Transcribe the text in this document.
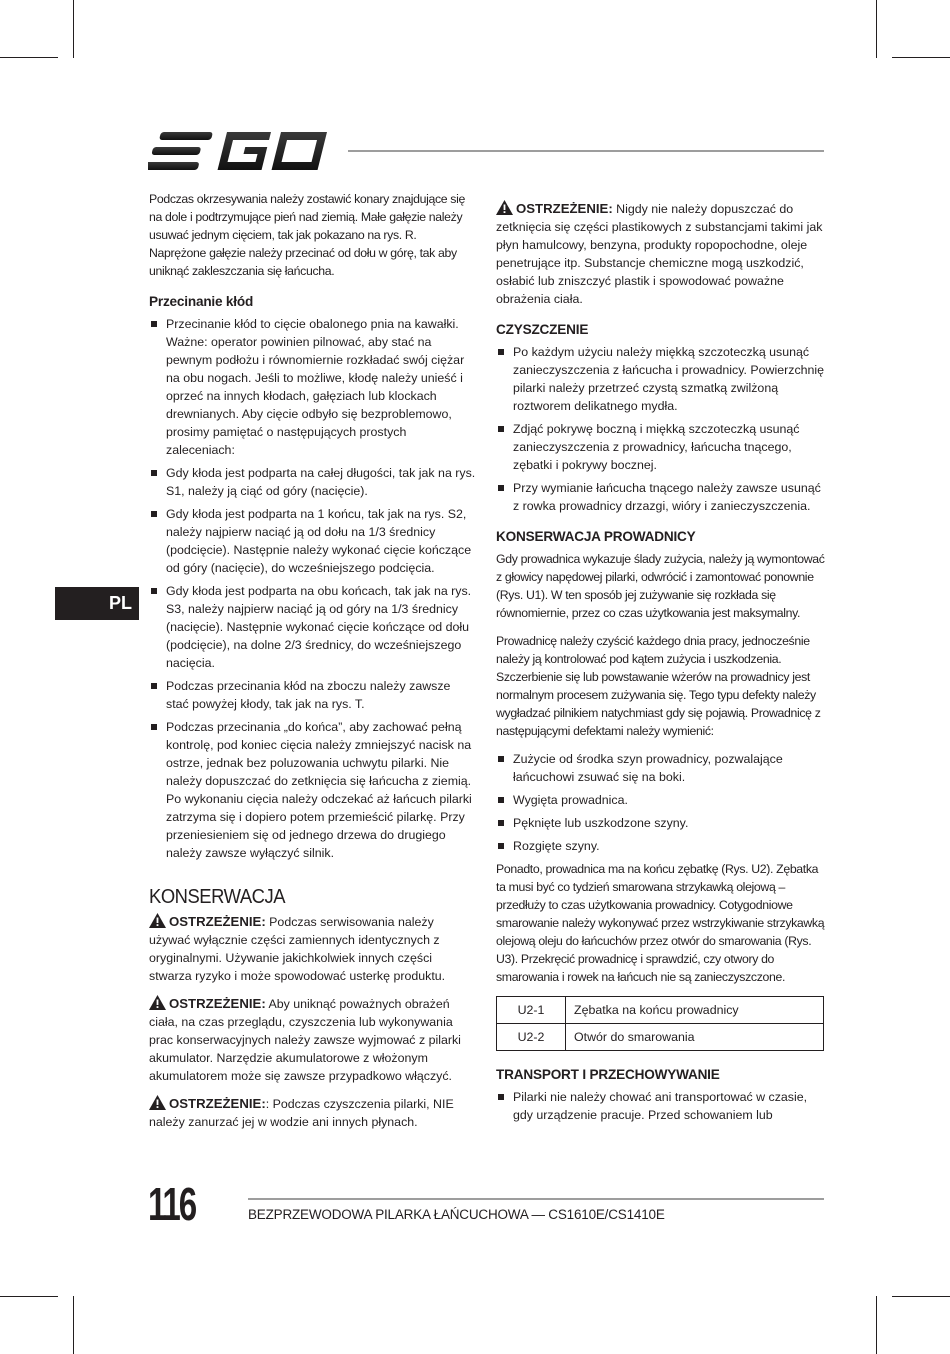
Podczas okrzesywania należy zostawić konary znajdujące się na dole i podtrzymujące pień nad ziemią. Małe gałęzie należy usuwać jednym cięciem, tak jak pokazano na rys. R. Naprężone gałęzie należy przecinać od dołu w górę, tak aby uniknąć zakleszczania się łańcucha.

Przecinanie kłód
Przecinanie kłód to cięcie obalonego pnia na kawałki. Ważne: operator powinien pilnować, aby stać na pewnym podłożu i równomiernie rozkładać swój ciężar na obu nogach. Jeśli to możliwe, kłodę należy unieść i oprzeć na innych kłodach, gałęziach lub klockach drewnianych. Aby cięcie odbyło się bezproblemowo, prosimy pamiętać o następujących prostych zaleceniach:
Gdy kłoda jest podparta na całej długości, tak jak na rys. S1, należy ją ciąć od góry (nacięcie).
Gdy kłoda jest podparta na 1 końcu, tak jak na rys. S2, należy najpierw naciąć ją od dołu na 1/3 średnicy (podcięcie). Następnie należy wykonać cięcie kończące od góry (nacięcie), do wcześniejszego podcięcia.
Gdy kłoda jest podparta na obu końcach, tak jak na rys. S3, należy najpierw naciąć ją od góry na 1/3 średnicy (nacięcie). Następnie wykonać cięcie kończące od dołu (podcięcie), na dolne 2/3 średnicy, do wcześniejszego nacięcia.
Podczas przecinania kłód na zboczu należy zawsze stać powyżej kłody, tak jak na rys. T.
Podczas przecinania „do końca”, aby zachować pełną kontrolę, pod koniec cięcia należy zmniejszyć nacisk na ostrze, jednak bez poluzowania uchwytu pilarki. Nie należy dopuszczać do zetknięcia się łańcucha z ziemią. Po wykonaniu cięcia należy odczekać aż łańcuch pilarki zatrzyma się i dopiero potem przemieścić pilarkę. Przy przeniesieniem się od jednego drzewa do drugiego należy zawsze wyłączyć silnik.
KONSERWACJA

OSTRZEŻENIE: Podczas serwisowania należy używać wyłącznie części zamiennych identycznych z oryginalnymi. Używanie jakichkolwiek innych części stwarza ryzyko i może spowodować usterkę produktu.

OSTRZEŻENIE: Aby uniknąć poważnych obrażeń ciała, na czas przeglądu, czyszczenia lub wykonywania prac konserwacyjnych należy zawsze wyjmować z pilarki akumulator. Narzędzie akumulatorowe z włożonym akumulatorem może się zawsze przypadkowo włączyć.

OSTRZEŻENIE:: Podczas czyszczenia pilarki, NIE należy zanurzać jej w wodzie ani innych płynach.

OSTRZEŻENIE: Nigdy nie należy dopuszczać do zetknięcia się części plastikowych z substancjami takimi jak płyn hamulcowy, benzyna, produkty ropopochodne, oleje penetrujące itp. Substancje chemiczne mogą uszkodzić, osłabić lub zniszczyć plastik i spowodować poważne obrażenia ciała.

CZYSZCZENIE
Po każdym użyciu należy miękką szczoteczką usunąć zanieczyszczenia z łańcucha i prowadnicy. Powierzchnię pilarki należy przetrzeć czystą szmatką zwilżoną roztworem delikatnego mydła.
Zdjąć pokrywę boczną i miękką szczoteczką usunąć zanieczyszczenia z prowadnicy, łańcucha tnącego, zębatki i pokrywy bocznej.
Przy wymianie łańcucha tnącego należy zawsze usunąć z rowka prowadnicy drzazgi, wióry i zanieczyszczenia.
KONSERWACJA PROWADNICY

Gdy prowadnica wykazuje ślady zużycia, należy ją wymontować z głowicy napędowej pilarki, odwrócić i zamontować ponownie (Rys. U1). W ten sposób jej zużywanie się rozkłada się równomiernie, przez co czas użytkowania jest maksymalny.

Prowadnicę należy czyścić każdego dnia pracy, jednocześnie należy ją kontrolować pod kątem zużycia i uszkodzenia. Szczerbienie się lub powstawanie wżerów na prowadnicy jest normalnym procesem zużywania się. Tego typu defekty należy wygładzać pilnikiem natychmiast gdy się pojawią. Prowadnicę z następującymi defektami należy wymienić:

Zużycie od środka szyn prowadnicy, pozwalające łańcuchowi zsuwać się na boki.
Wygięta prowadnica.
Pęknięte lub uszkodzone szyny.
Rozgięte szyny.

Ponadto, prowadnica ma na końcu zębatkę (Rys. U2). Zębatka ta musi być co tydzień smarowana strzykawką olejową – przedłuży to czas użytkowania prowadnicy. Cotygodniowe smarowanie należy wykonywać przez wstrzykiwanie strzykawką olejową oleju do łańcuchów przez otwór do smarowania (Rys. U3). Przekręcić prowadnicę i sprawdzić, czy otwory do smarowania i rowek na łańcuch nie są zanieczyszczone.

U2-1	Zębatka na końcu prowadnicy
U2-2	Otwór do smarowania
TRANSPORT I PRZECHOWYWANIE
Pilarki nie należy chować ani transportować w czasie, gdy urządzenie pracuje. Przed schowaniem lub
PL
116	BEZPRZEWODOWA PILARKA ŁAŃCUCHOWA — CS1610E/CS1410E
